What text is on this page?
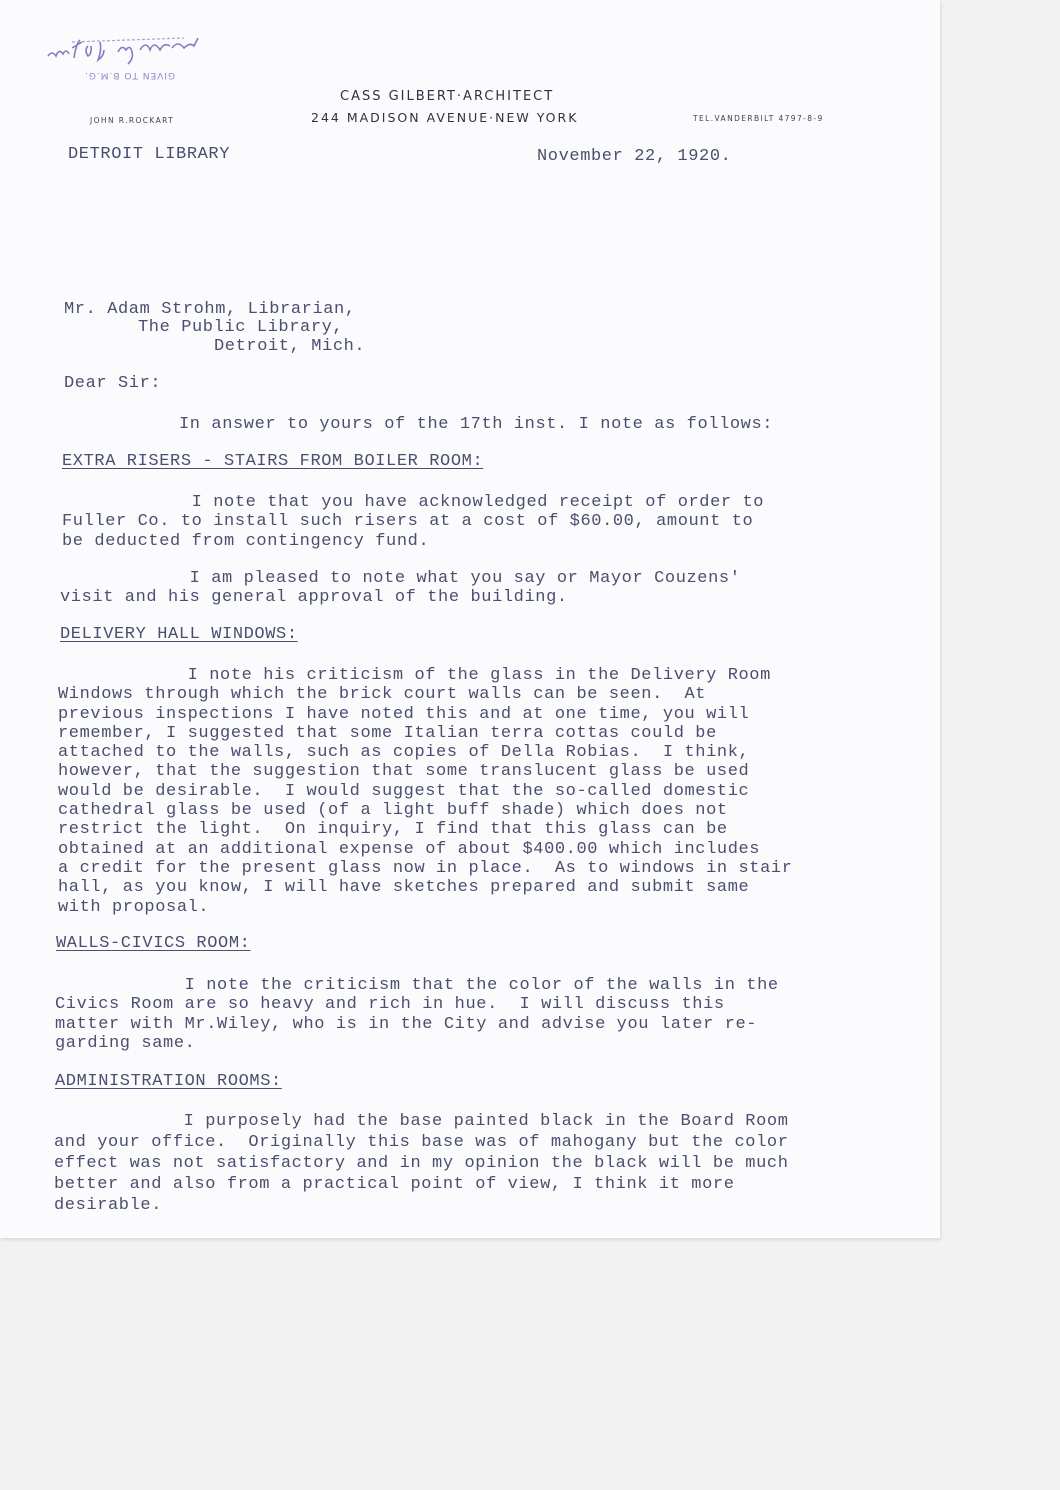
GIVEN TO B.M.G.
CASS GILBERT·ARCHITECT
JOHN R.ROCKART	244 MADISON AVENUE·NEW YORK	TEL.VANDERBILT 4797-8-9
DETROIT LIBRARY	November 22, 1920.
Mr. Adam Strohm, Librarian,
The Public Library,
Detroit, Mich.
Dear Sir:
In answer to yours of the 17th inst. I note as follows:
EXTRA RISERS - STAIRS FROM BOILER ROOM:
I note that you have acknowledged receipt of order to
Fuller Co. to install such risers at a cost of $60.00, amount to
be deducted from contingency fund.
I am pleased to note what you say or Mayor Couzens'
visit and his general approval of the building.
DELIVERY HALL WINDOWS:
I note his criticism of the glass in the Delivery Room
Windows through which the brick court walls can be seen.  At
previous inspections I have noted this and at one time, you will
remember, I suggested that some Italian terra cottas could be
attached to the walls, such as copies of Della Robias.  I think,
however, that the suggestion that some translucent glass be used
would be desirable.  I would suggest that the so-called domestic
cathedral glass be used (of a light buff shade) which does not
restrict the light.  On inquiry, I find that this glass can be
obtained at an additional expense of about $400.00 which includes
a credit for the present glass now in place.  As to windows in stair
hall, as you know, I will have sketches prepared and submit same
with proposal.
WALLS-CIVICS ROOM:
I note the criticism that the color of the walls in the
Civics Room are so heavy and rich in hue.  I will discuss this
matter with Mr.Wiley, who is in the City and advise you later re-
garding same.
ADMINISTRATION ROOMS:
I purposely had the base painted black in the Board Room
and your office.  Originally this base was of mahogany but the color
effect was not satisfactory and in my opinion the black will be much
better and also from a practical point of view, I think it more
desirable.
